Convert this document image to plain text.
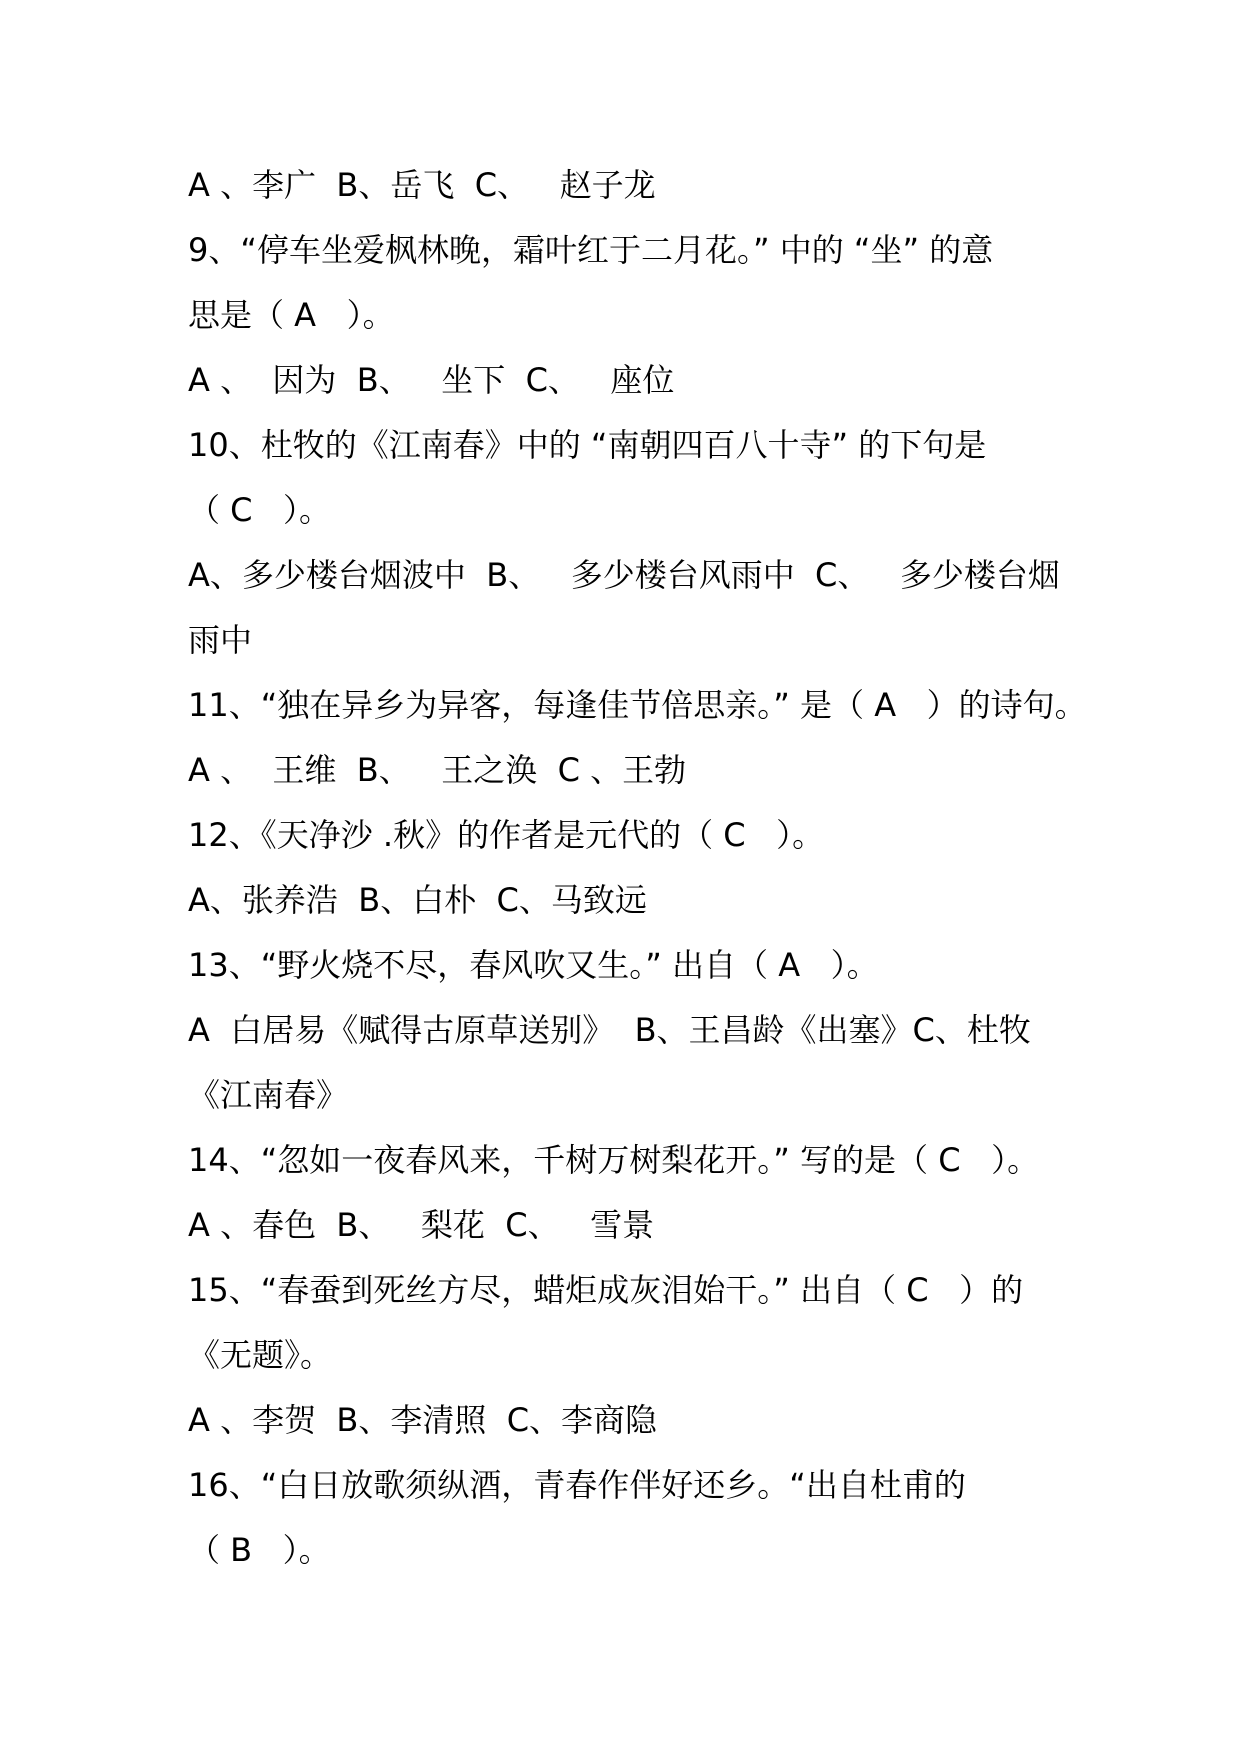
A 、李广  B、岳飞  C、   赵子龙
9、“停车坐爱枫林晚，霜叶红于二月花。” 中的 “坐” 的意
思是（ A   ）。
A 、  因为  B、   坐下  C、   座位
10、杜牧的《江南春》中的 “南朝四百八十寺” 的下句是
（ C   ）。
A、多少楼台烟波中  B、   多少楼台风雨中  C、   多少楼台烟
雨中
11、“独在异乡为异客，每逢佳节倍思亲。” 是（ A   ）的诗句。
A 、  王维  B、   王之涣  C 、王勃
12、《天净沙 .秋》的作者是元代的（ C   ）。
A、张养浩  B、白朴  C、马致远
13、“野火烧不尽，春风吹又生。” 出自（ A   ）。
A  白居易《赋得古原草送别》  B、王昌龄《出塞》C、杜牧
《江南春》
14、“忽如一夜春风来，千树万树梨花开。” 写的是（ C   ）。
A 、春色  B、   梨花  C、   雪景
15、“春蚕到死丝方尽，蜡炬成灰泪始干。” 出自（ C   ）的
《无题》。
A 、李贺  B、李清照  C、李商隐
16、“白日放歌须纵酒，青春作伴好还乡。“出自杜甫的
（ B   ）。
